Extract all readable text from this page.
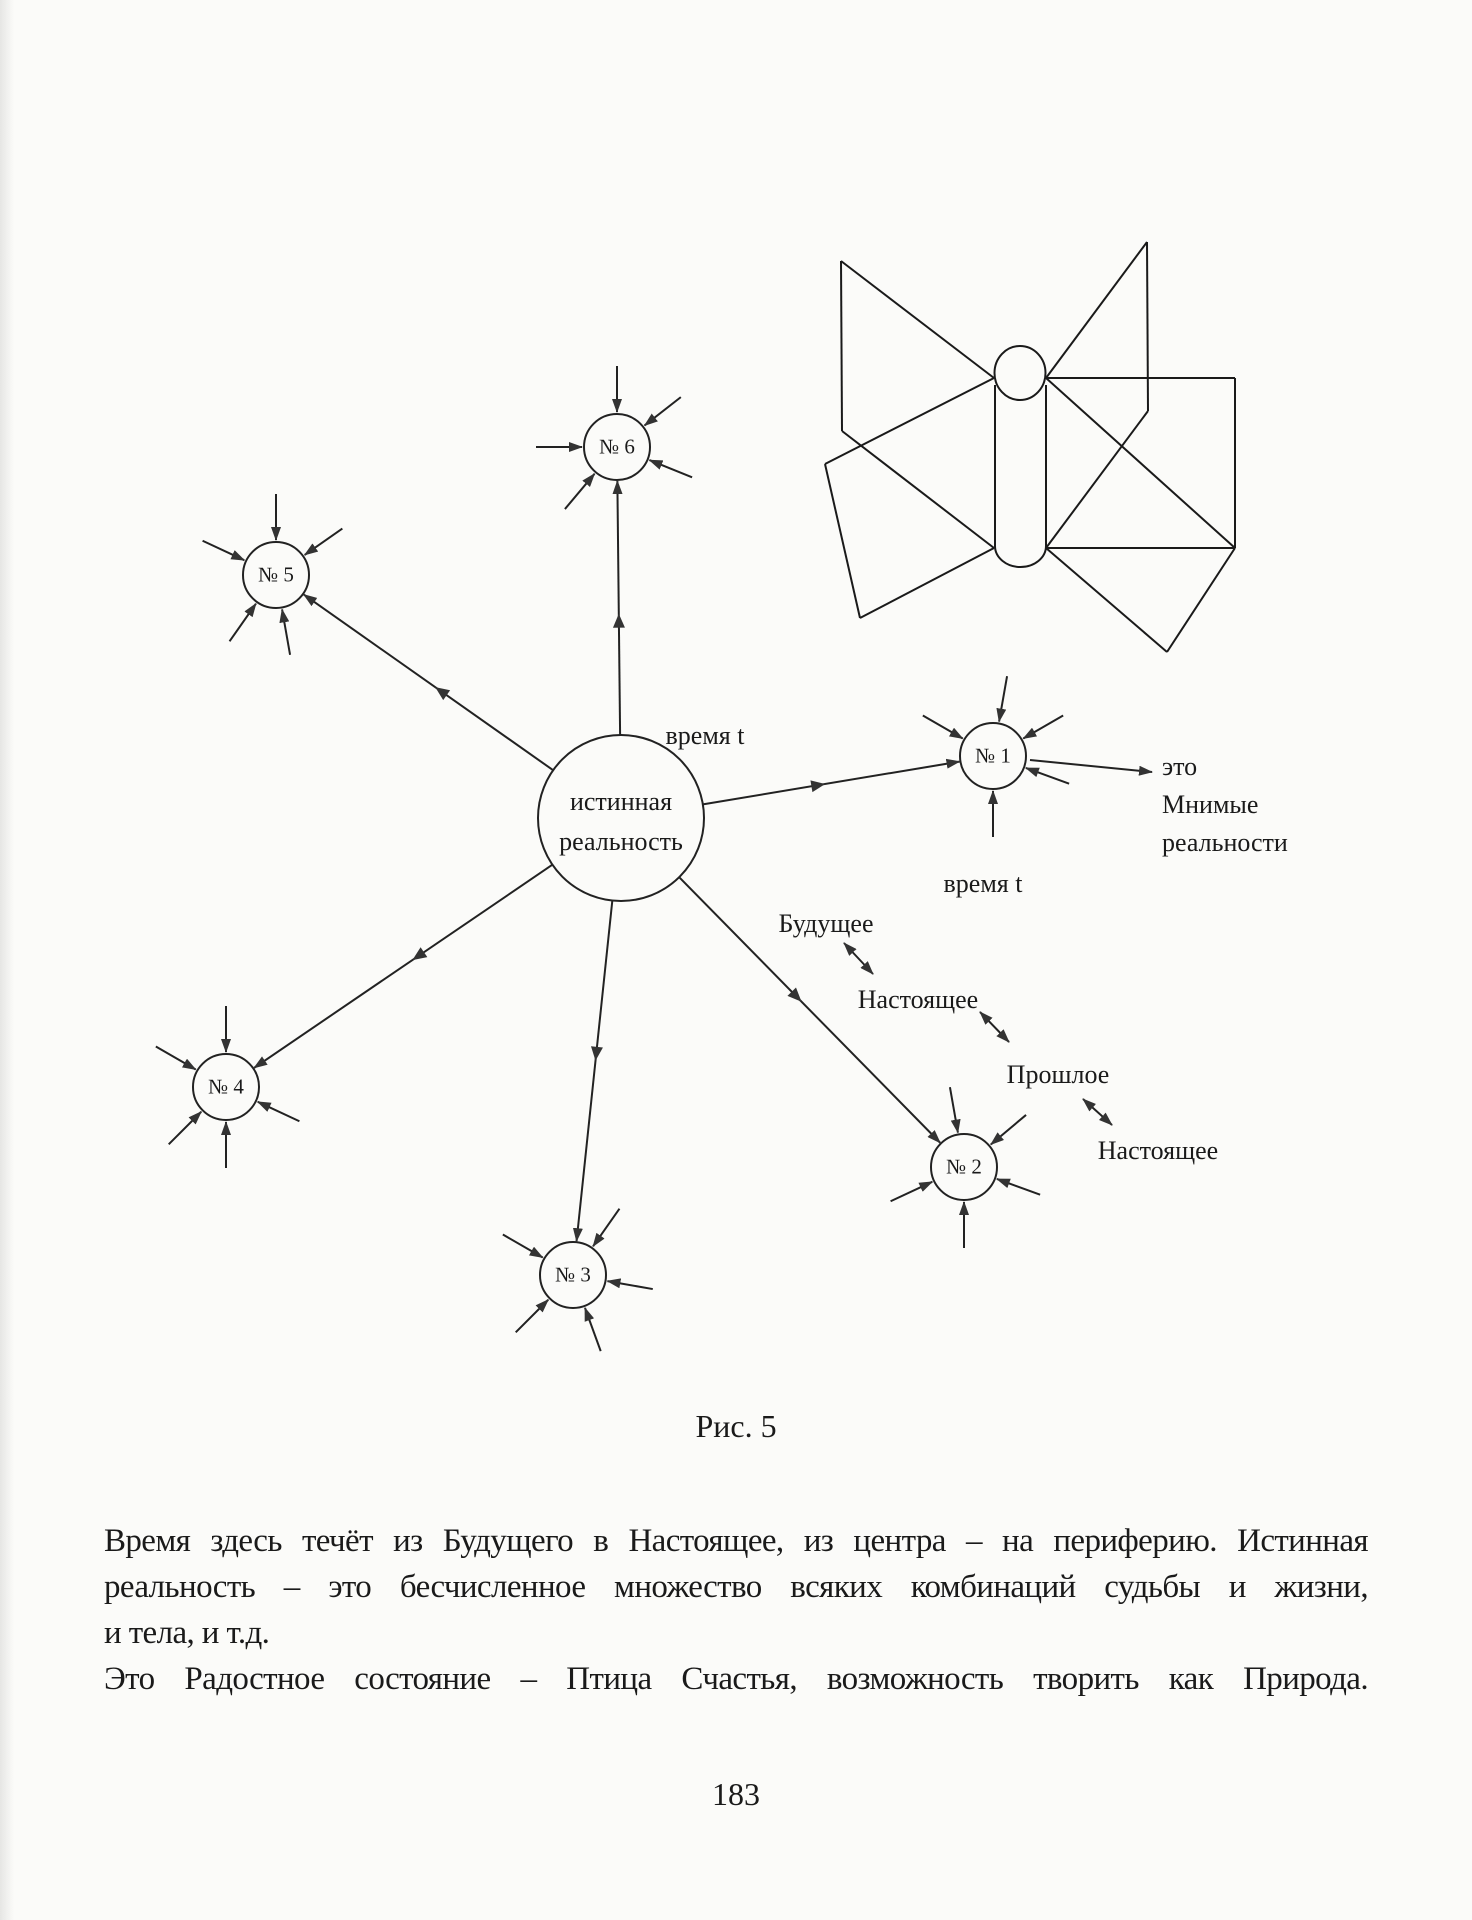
истинная
реальность
№ 1
№ 2
№ 3
№ 4
№ 5
№ 6
время t
время t
это
Мнимые
реальности
Будущее
Настоящее
Прошлое
Настоящее
Рис. 5
Время здесь течёт из Будущего в Настоящее, из центра – на периферию. Истинная
реальность – это бесчисленное множество всяких комбинаций судьбы и жизни,
и тела, и т.д.
Это Радостное состояние – Птица Счастья, возможность творить как Природа.
183
